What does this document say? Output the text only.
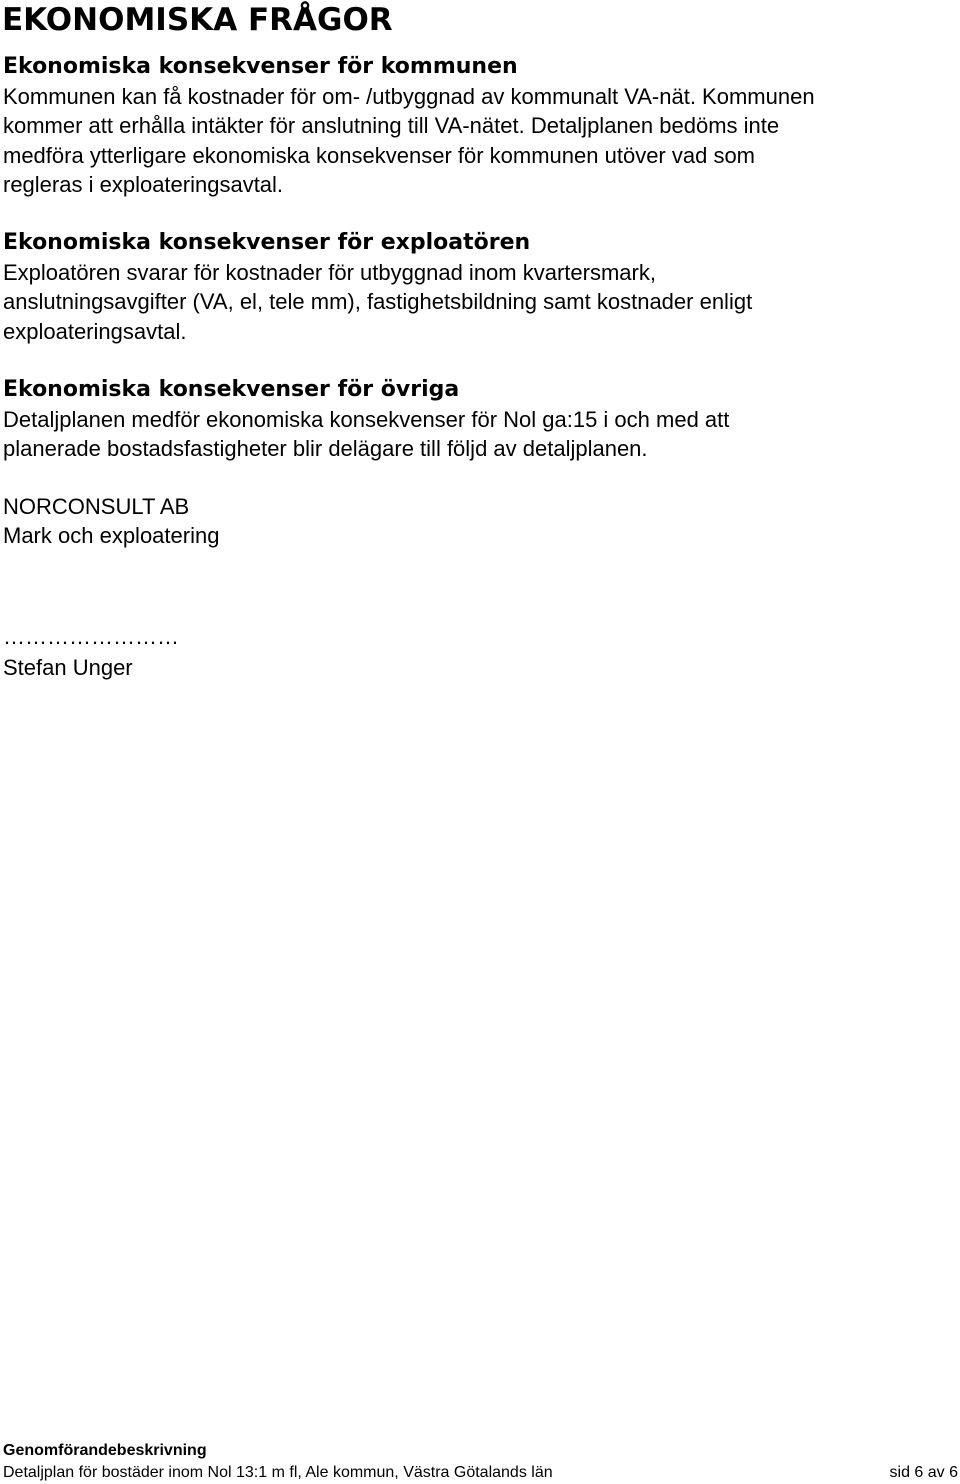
EKONOMISKA FRÅGOR
Ekonomiska konsekvenser för kommunen
Kommunen kan få kostnader för om- /utbyggnad av kommunalt VA-nät. Kommunen
kommer att erhålla intäkter för anslutning till VA-nätet. Detaljplanen bedöms inte
medföra ytterligare ekonomiska konsekvenser för kommunen utöver vad som
regleras i exploateringsavtal.
Ekonomiska konsekvenser för exploatören
Exploatören svarar för kostnader för utbyggnad inom kvartersmark,
anslutningsavgifter (VA, el, tele mm), fastighetsbildning samt kostnader enligt
exploateringsavtal.
Ekonomiska konsekvenser för övriga
Detaljplanen medför ekonomiska konsekvenser för Nol ga:15 i och med att
planerade bostadsfastigheter blir delägare till följd av detaljplanen.
NORCONSULT AB
Mark och exploatering
……………………
Stefan Unger
Genomförandebeskrivning
Detaljplan för bostäder inom Nol 13:1 m fl, Ale kommun, Västra Götalands län	sid 6 av 6
